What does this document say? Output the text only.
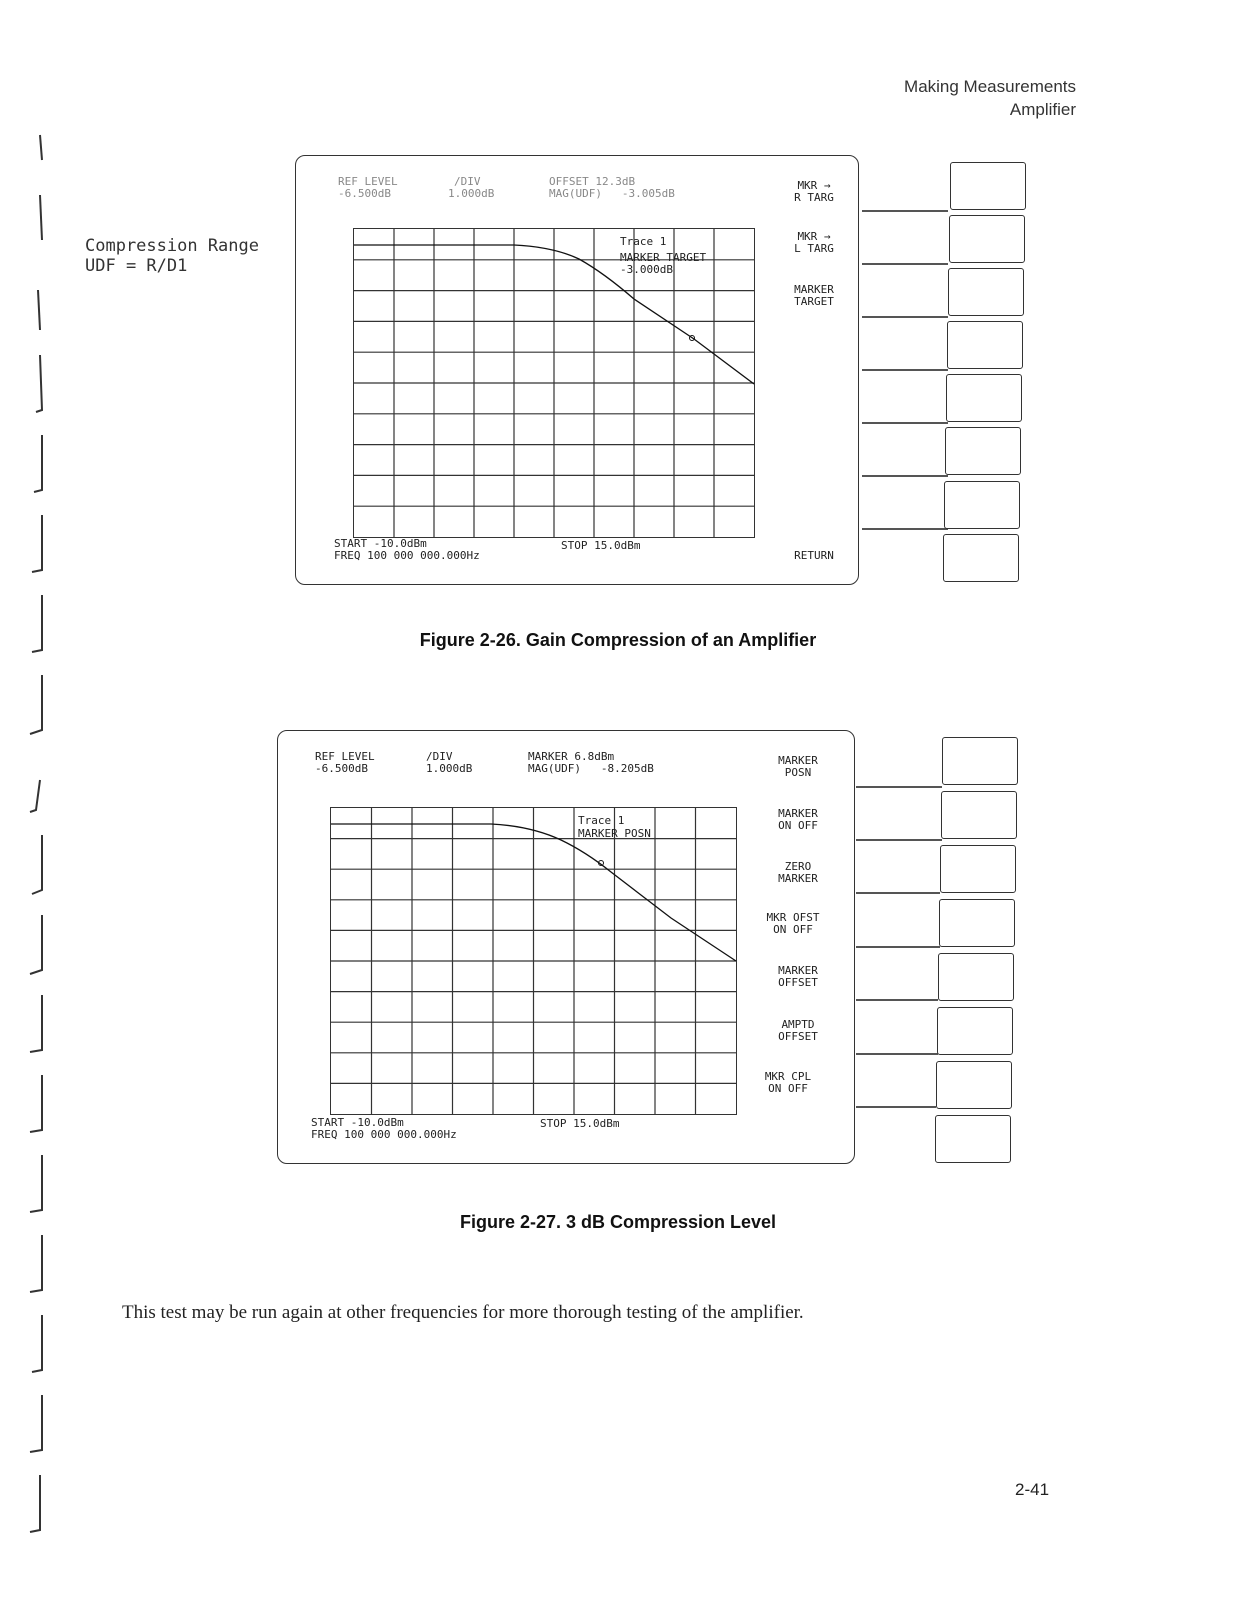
Making Measurements
Amplifier
Compression Range
UDF = R/D1
REF LEVEL
-6.500dB
/DIV
1.000dB
OFFSET 12.3dB
MAG(UDF)   -3.005dB
Trace 1
MARKER TARGET
-3.000dB
START -10.0dBm
FREQ 100 000 000.000Hz
STOP 15.0dBm
MKR →
R TARG
MKR →
L TARG
MARKER
TARGET
RETURN
Figure 2-26. Gain Compression of an Amplifier
REF LEVEL
-6.500dB
/DIV
1.000dB
MARKER 6.8dBm
MAG(UDF)   -8.205dB
Trace 1
MARKER POSN
START -10.0dBm
FREQ 100 000 000.000Hz
STOP 15.0dBm
MARKER
POSN
MARKER
ON OFF
ZERO
MARKER
MKR OFST
ON OFF
MARKER
OFFSET
AMPTD
OFFSET
MKR CPL
ON OFF
Figure 2-27. 3 dB Compression Level
This test may be run again at other frequencies for more thorough testing of the amplifier.
2-41
